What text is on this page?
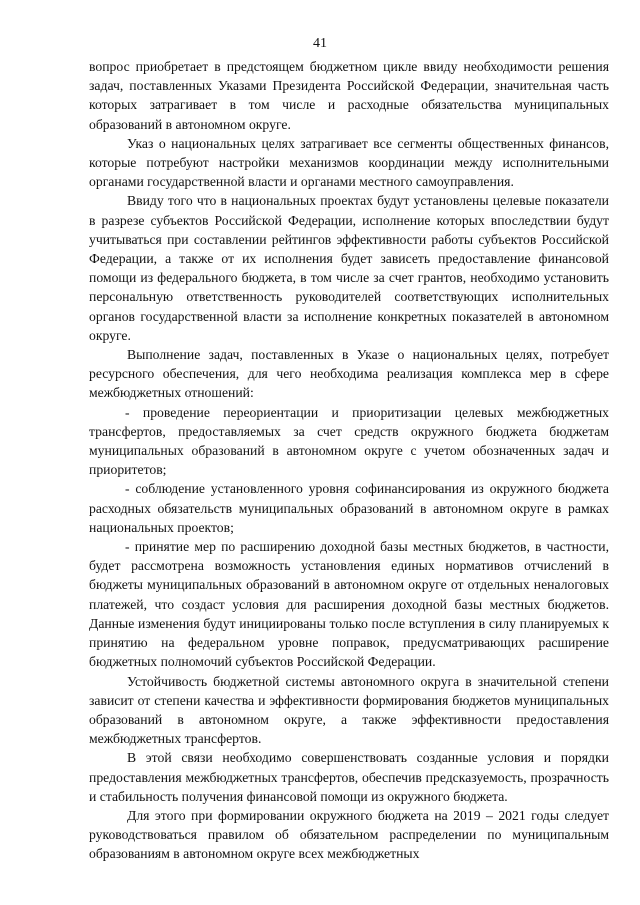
41

вопрос приобретает в предстоящем бюджетном цикле ввиду необходимости решения задач, поставленных Указами Президента Российской Федерации, значительная часть которых затрагивает в том числе и расходные обязательства муниципальных образований в автономном округе.

Указ о национальных целях затрагивает все сегменты общественных финансов, которые потребуют настройки механизмов координации между исполнительными органами государственной власти и органами местного самоуправления.

Ввиду того что в национальных проектах будут установлены целевые показатели в разрезе субъектов Российской Федерации, исполнение которых впоследствии будут учитываться при составлении рейтингов эффективности работы субъектов Российской Федерации, а также от их исполнения будет зависеть предоставление финансовой помощи из федерального бюджета, в том числе за счет грантов, необходимо установить персональную ответственность руководителей соответствующих исполнительных органов государственной власти за исполнение конкретных показателей в автономном округе.

Выполнение задач, поставленных в Указе о национальных целях, потребует ресурсного обеспечения, для чего необходима реализация комплекса мер в сфере межбюджетных отношений:

- проведение переориентации и приоритизации целевых межбюджетных трансфертов, предоставляемых за счет средств окружного бюджета бюджетам муниципальных образований в автономном округе с учетом обозначенных задач и приоритетов;

- соблюдение установленного уровня софинансирования из окружного бюджета расходных обязательств муниципальных образований в автономном округе в рамках национальных проектов;

- принятие мер по расширению доходной базы местных бюджетов, в частности, будет рассмотрена возможность установления единых нормативов отчислений в бюджеты муниципальных образований в автономном округе от отдельных неналоговых платежей, что создаст условия для расширения доходной базы местных бюджетов. Данные изменения будут инициированы только после вступления в силу планируемых к принятию на федеральном уровне поправок, предусматривающих расширение бюджетных полномочий субъектов Российской Федерации.

Устойчивость бюджетной системы автономного округа в значительной степени зависит от степени качества и эффективности формирования бюджетов муниципальных образований в автономном округе, а также эффективности предоставления межбюджетных трансфертов.

В этой связи необходимо совершенствовать созданные условия и порядки предоставления межбюджетных трансфертов, обеспечив предсказуемость, прозрачность и стабильность получения финансовой помощи из окружного бюджета.

Для этого при формировании окружного бюджета на 2019 – 2021 годы следует руководствоваться правилом об обязательном распределении по муниципальным образованиям в автономном округе всех межбюджетных
